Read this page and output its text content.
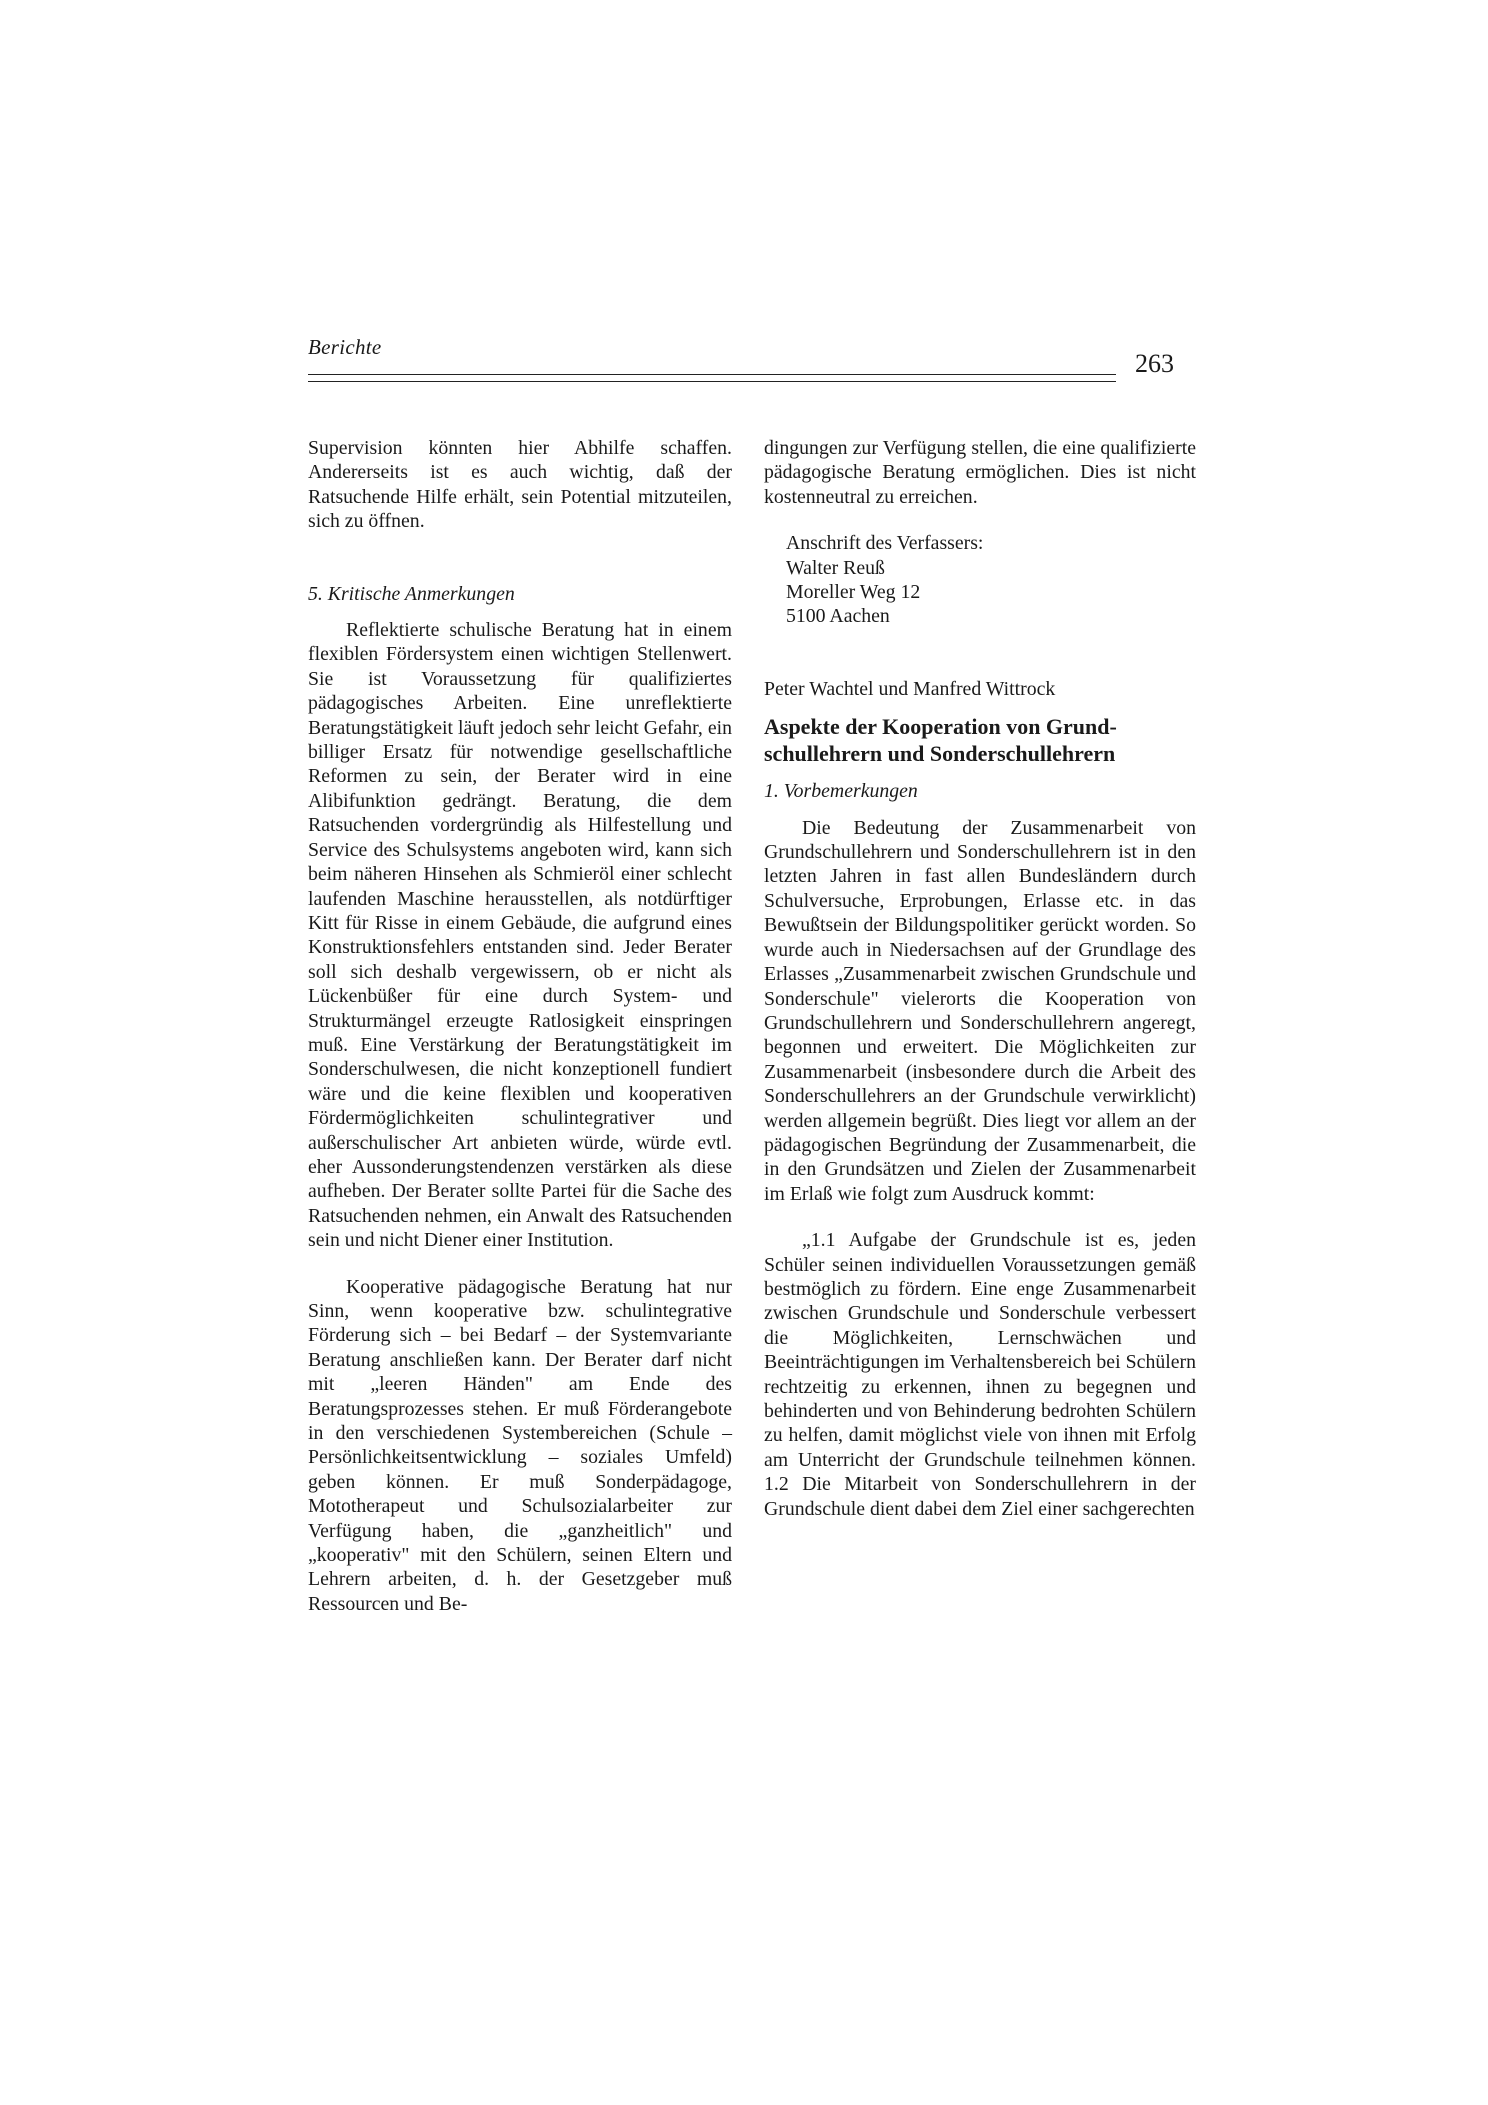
Berichte
263

Supervision könnten hier Abhilfe schaffen. Andererseits ist es auch wichtig, daß der Ratsuchende Hilfe erhält, sein Potential mitzuteilen, sich zu öffnen.

5. Kritische Anmerkungen

Reflektierte schulische Beratung hat in einem flexiblen Fördersystem einen wichtigen Stellenwert. Sie ist Voraussetzung für qualifiziertes pädagogisches Arbeiten. Eine unreflektierte Beratungstätigkeit läuft jedoch sehr leicht Gefahr, ein billiger Ersatz für notwendige gesellschaftliche Reformen zu sein, der Berater wird in eine Alibifunktion gedrängt. Beratung, die dem Ratsuchenden vordergründig als Hilfestellung und Service des Schulsystems angeboten wird, kann sich beim näheren Hinsehen als Schmieröl einer schlecht laufenden Maschine herausstellen, als notdürftiger Kitt für Risse in einem Gebäude, die aufgrund eines Konstruktionsfehlers entstanden sind. Jeder Berater soll sich deshalb vergewissern, ob er nicht als Lückenbüßer für eine durch System- und Strukturmängel erzeugte Ratlosigkeit einspringen muß. Eine Verstärkung der Beratungstätigkeit im Sonderschulwesen, die nicht konzeptionell fundiert wäre und die keine flexiblen und kooperativen Fördermöglichkeiten schulintegrativer und außerschulischer Art anbieten würde, würde evtl. eher Aussonderungstendenzen verstärken als diese aufheben. Der Berater sollte Partei für die Sache des Ratsuchenden nehmen, ein Anwalt des Ratsuchenden sein und nicht Diener einer Institution.

Kooperative pädagogische Beratung hat nur Sinn, wenn kooperative bzw. schulintegrative Förderung sich – bei Bedarf – der Systemvariante Beratung anschließen kann. Der Berater darf nicht mit „leeren Händen" am Ende des Beratungsprozesses stehen. Er muß Förderangebote in den verschiedenen Systembereichen (Schule – Persönlichkeitsentwicklung – soziales Umfeld) geben können. Er muß Sonderpädagoge, Mototherapeut und Schulsozialarbeiter zur Verfügung haben, die „ganzheitlich" und „kooperativ" mit den Schülern, seinen Eltern und Lehrern arbeiten, d. h. der Gesetzgeber muß Ressourcen und Be-

dingungen zur Verfügung stellen, die eine qualifizierte pädagogische Beratung ermöglichen. Dies ist nicht kostenneutral zu erreichen.

Anschrift des Verfassers:
Walter Reuß
Moreller Weg 12
5100 Aachen

Peter Wachtel und Manfred Wittrock

Aspekte der Kooperation von Grund-

schullehrern und Sonderschullehrern

1. Vorbemerkungen

Die Bedeutung der Zusammenarbeit von Grundschullehrern und Sonderschullehrern ist in den letzten Jahren in fast allen Bundesländern durch Schulversuche, Erprobungen, Erlasse etc. in das Bewußtsein der Bildungspolitiker gerückt worden. So wurde auch in Niedersachsen auf der Grundlage des Erlasses „Zusammenarbeit zwischen Grundschule und Sonderschule" vielerorts die Kooperation von Grundschullehrern und Sonderschullehrern angeregt, begonnen und erweitert. Die Möglichkeiten zur Zusammenarbeit (insbesondere durch die Arbeit des Sonderschullehrers an der Grundschule verwirklicht) werden allgemein begrüßt. Dies liegt vor allem an der pädagogischen Begründung der Zusammenarbeit, die in den Grundsätzen und Zielen der Zusammenarbeit im Erlaß wie folgt zum Ausdruck kommt:

„1.1 Aufgabe der Grundschule ist es, jeden Schüler seinen individuellen Voraussetzungen gemäß bestmöglich zu fördern. Eine enge Zusammenarbeit zwischen Grundschule und Sonderschule verbessert die Möglichkeiten, Lernschwächen und Beeinträchtigungen im Verhaltensbereich bei Schülern rechtzeitig zu erkennen, ihnen zu begegnen und behinderten und von Behinderung bedrohten Schülern zu helfen, damit möglichst viele von ihnen mit Erfolg am Unterricht der Grundschule teilnehmen können. 1.2 Die Mitarbeit von Sonderschullehrern in der Grundschule dient dabei dem Ziel einer sachgerechten
